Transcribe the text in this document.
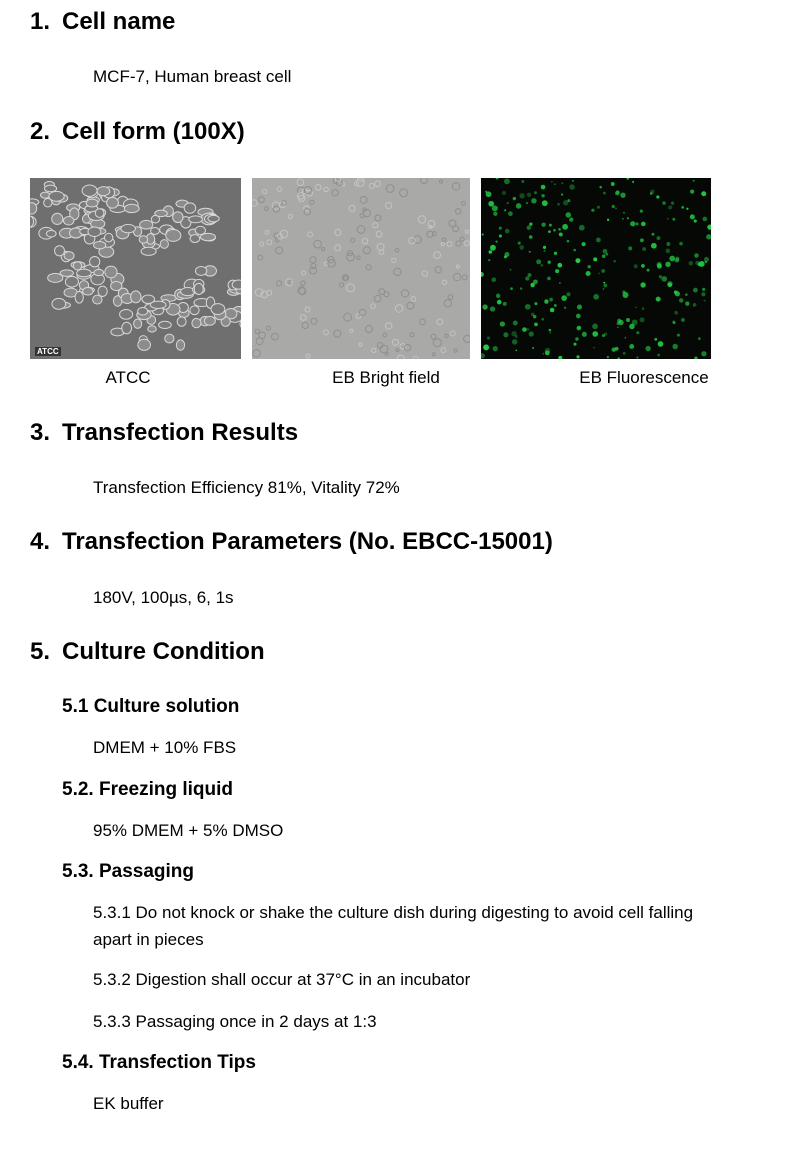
1. Cell name
MCF-7, Human breast cell
2. Cell form (100X)
ATCC
ATCC	EB Bright field	EB Fluorescence
3. Transfection Results
Transfection Efficiency 81%, Vitality 72%
4. Transfection Parameters (No. EBCC-15001)
180V, 100µs, 6, 1s
5. Culture Condition
5.1 Culture solution
DMEM + 10% FBS
5.2. Freezing liquid
95% DMEM + 5% DMSO
5.3. Passaging
5.3.1 Do not knock or shake the culture dish during digesting to avoid cell falling
apart in pieces
5.3.2 Digestion shall occur at 37°C in an incubator
5.3.3 Passaging once in 2 days at 1:3
5.4. Transfection Tips
EK buffer
